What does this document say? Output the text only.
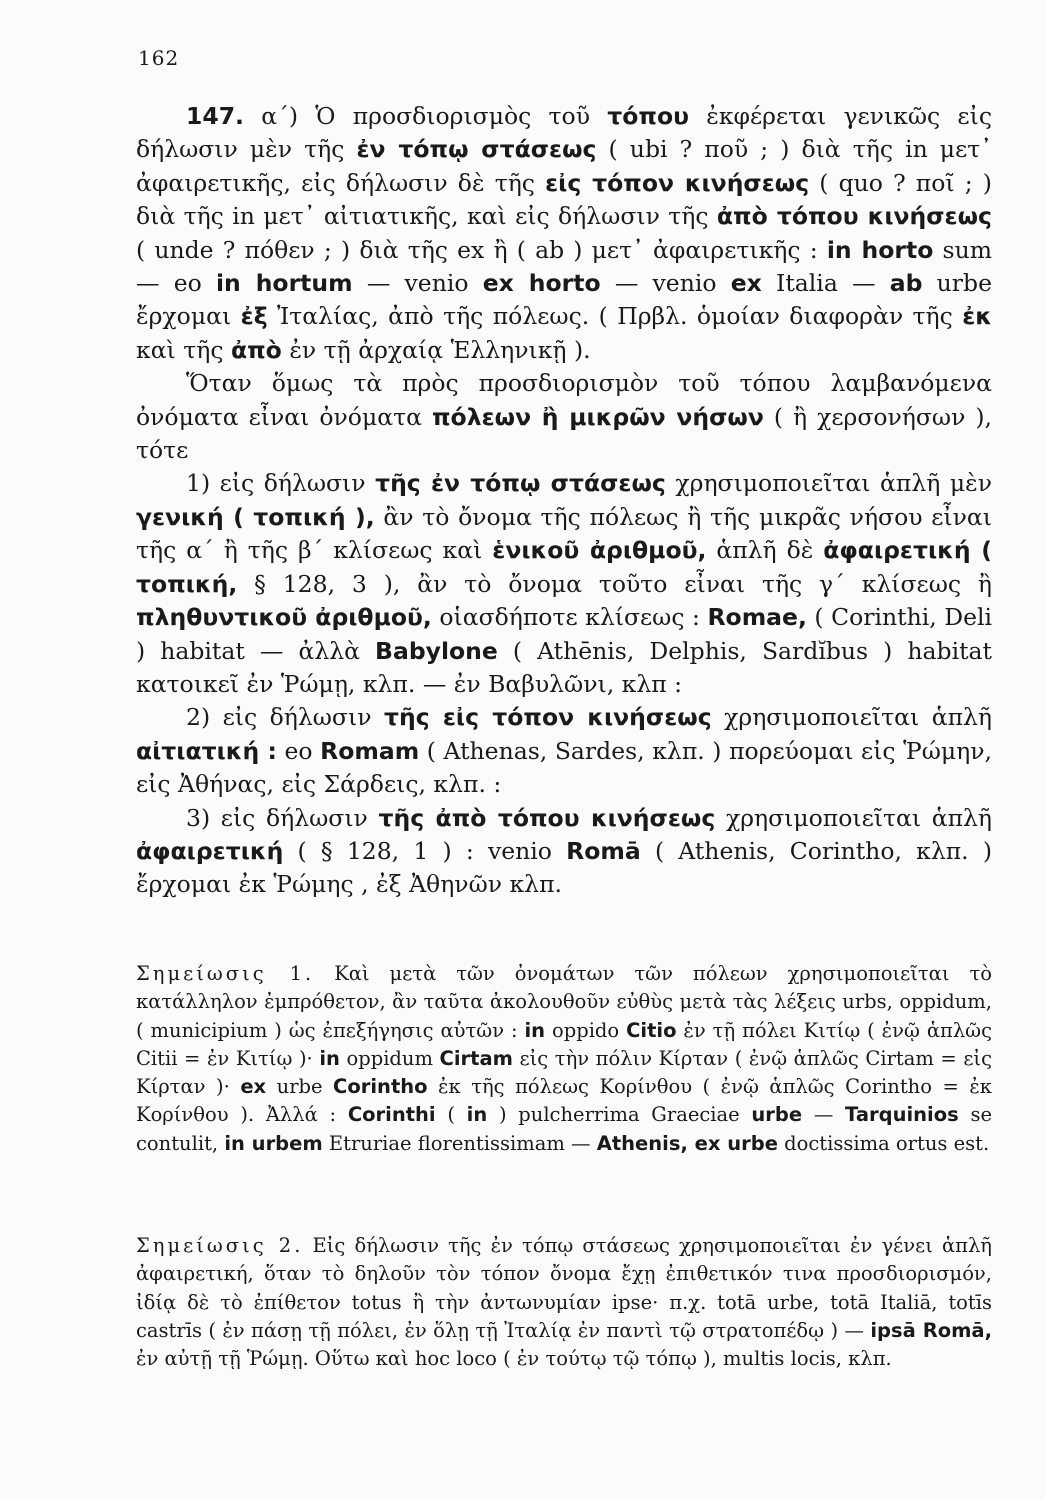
162

147. α΄) Ὁ προσδιορισμὸς τοῦ τόπου ἐκφέρεται γενικῶς εἰς δήλωσιν μὲν τῆς ἐν τόπῳ στάσεως ( ubi ? ποῦ ; ) διὰ τῆς in μετ᾽ ἀφαιρετικῆς, εἰς δήλωσιν δὲ τῆς εἰς τόπον κινήσεως ( quo ? ποῖ ; ) διὰ τῆς in μετ᾽ αἰτιατικῆς, καὶ εἰς δήλωσιν τῆς ἀπὸ τόπου κινήσεως ( unde ? πόθεν ; ) διὰ τῆς ex ἢ ( ab ) μετ᾽ ἀφαιρετικῆς : in horto sum — eo in hortum — venio ex horto — venio ex Italia — ab urbe ἔρχομαι ἐξ Ἰταλίας, ἀπὸ τῆς πόλεως. ( Πρβλ. ὁμοίαν διαφορὰν τῆς ἐκ καὶ τῆς ἀπὸ ἐν τῇ ἀρχαίᾳ Ἑλληνικῇ ).

Ὅταν ὅμως τὰ πρὸς προσδιορισμὸν τοῦ τόπου λαμβανόμενα ὀνόματα εἶναι ὀνόματα πόλεων ἢ μικρῶν νήσων ( ἢ χερσονήσων ), τότε

1) εἰς δήλωσιν τῆς ἐν τόπῳ στάσεως χρησιμοποιεῖται ἁπλῆ μὲν γενική ( τοπική ), ἂν τὸ ὄνομα τῆς πόλεως ἢ τῆς μικρᾶς νήσου εἶναι τῆς α΄ ἢ τῆς β΄ κλίσεως καὶ ἑνικοῦ ἀριθμοῦ, ἁπλῆ δὲ ἀφαιρετική ( τοπική, § 128, 3 ), ἂν τὸ ὄνομα τοῦτο εἶναι τῆς γ΄ κλίσεως ἢ πληθυντικοῦ ἀριθμοῦ, οἱασδήποτε κλίσεως : Romae, ( Corinthi, Deli ) habitat — ἀλλὰ Babylone ( Athēnis, Delphis, Sardĭbus ) habitat κατοικεῖ ἐν Ῥώμῃ, κλπ. — ἐν Βαβυλῶνι, κλπ :

2) εἰς δήλωσιν τῆς εἰς τόπον κινήσεως χρησιμοποιεῖται ἁπλῆ αἰτιατική : eo Romam ( Athenas, Sardes, κλπ. ) πορεύομαι εἰς Ῥώμην, εἰς Ἀθήνας, εἰς Σάρδεις, κλπ. :

3) εἰς δήλωσιν τῆς ἀπὸ τόπου κινήσεως χρησιμοποιεῖται ἁπλῆ ἀφαιρετική ( § 128, 1 ) : venio Romā ( Athenis, Corintho, κλπ. ) ἔρχομαι ἐκ Ῥώμης , ἐξ Ἀθηνῶν κλπ.

Σημείωσις 1. Καὶ μετὰ τῶν ὀνομάτων τῶν πόλεων χρησιμοποιεῖται τὸ κατάλληλον ἐμπρόθετον, ἂν ταῦτα ἀκολουθοῦν εὐθὺς μετὰ τὰς λέξεις urbs, oppidum, ( municipium ) ὡς ἐπεξήγησις αὐτῶν : in oppido Citio ἐν τῇ πόλει Κιτίῳ ( ἐνῷ ἁπλῶς Citii = ἐν Κιτίῳ )· in oppidum Cirtam εἰς τὴν πόλιν Κίρταν ( ἐνῷ ἁπλῶς Cirtam = εἰς Κίρταν )· ex urbe Corintho ἐκ τῆς πόλεως Κορίνθου ( ἐνῷ ἁπλῶς Corintho = ἐκ Κορίνθου ). Ἀλλά : Corinthi ( in ) pulcherrima Graeciae urbe — Tarquinios se contulit, in urbem Etruriae florentissimam — Athenis, ex urbe doctissima ortus est.

Σημείωσις 2. Εἰς δήλωσιν τῆς ἐν τόπῳ στάσεως χρησιμοποιεῖται ἐν γένει ἁπλῆ ἀφαιρετική, ὅταν τὸ δηλοῦν τὸν τόπον ὄνομα ἔχῃ ἐπιθετικόν τινα προσδιορισμόν, ἰδίᾳ δὲ τὸ ἐπίθετον totus ἢ τὴν ἀντωνυμίαν ipse· π.χ. totā urbe, totā Italiā, totīs castrīs ( ἐν πάσῃ τῇ πόλει, ἐν ὅλῃ τῇ Ἰταλίᾳ ἐν παντὶ τῷ στρατοπέδῳ ) — ipsā Romā, ἐν αὐτῇ τῇ Ῥώμῃ. Οὕτω καὶ hoc loco ( ἐν τούτῳ τῷ τόπῳ ), multis locis, κλπ.
